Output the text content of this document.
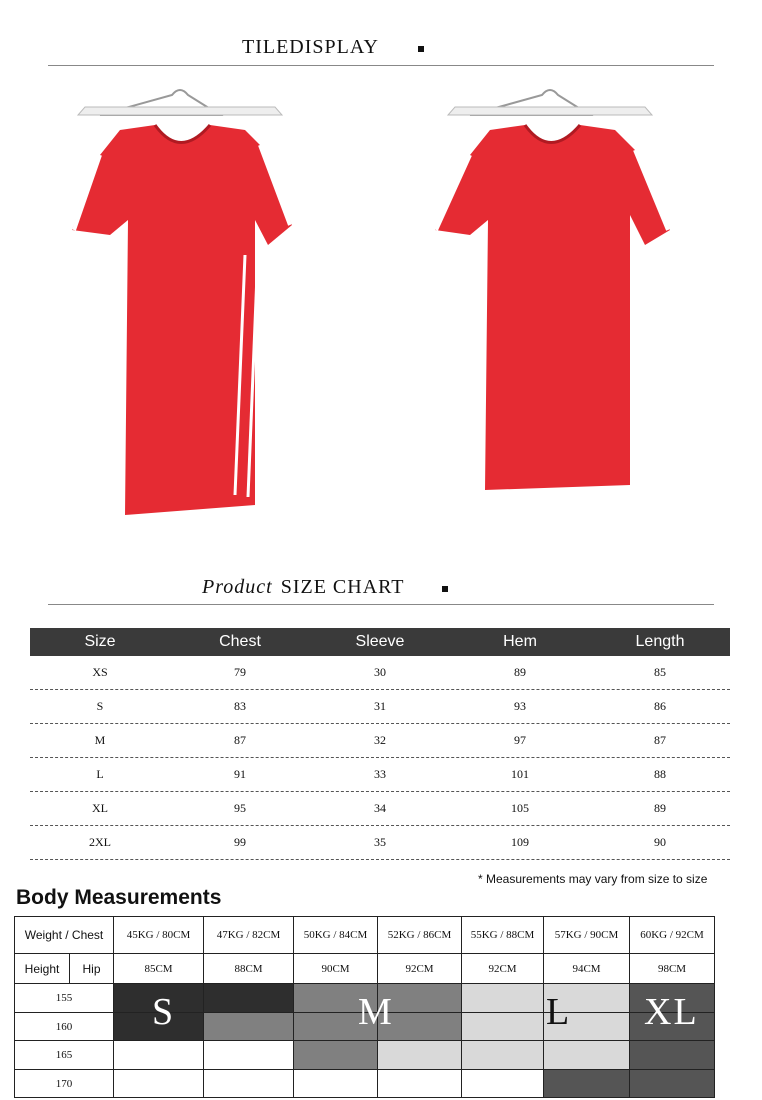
TILEDISPLAY
Product SIZE CHART
Size	Chest	Sleeve	Hem	Length
XS	79	30	89	85
S	83	31	93	86
M	87	32	97	87
L	91	33	101	88
XL	95	34	105	89
2XL	99	35	109	90
* Measurements may vary from size to size
Body Measurements
Weight / Chest		45KG / 80CM	47KG / 82CM	50KG / 84CM	52KG / 86CM	55KG / 88CM	57KG / 90CM	60KG / 92CM
Height	Hip	85CM	88CM	90CM	92CM	92CM	94CM	98CM
155								
160								
165								
170								
S	M	L XL
